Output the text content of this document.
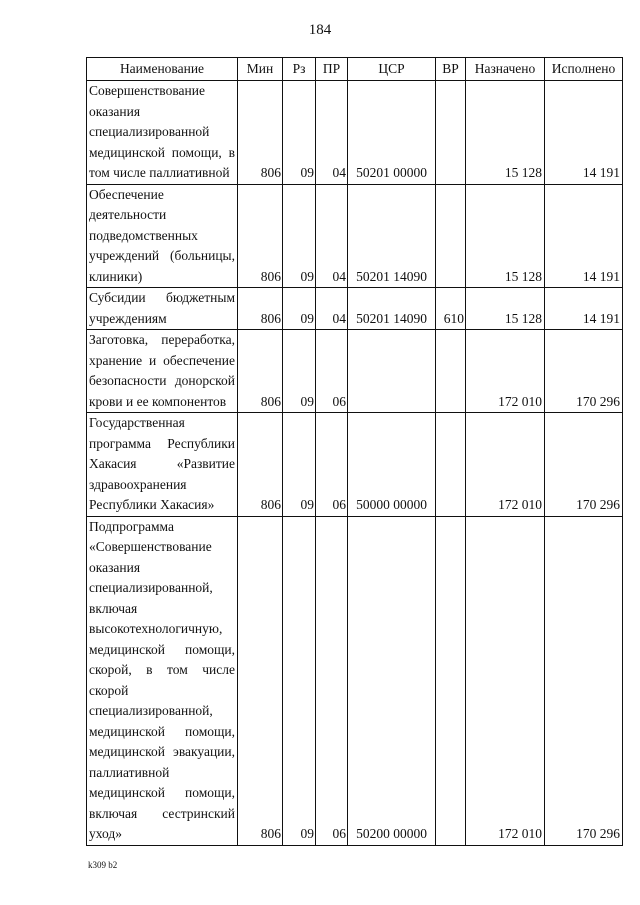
184
Наименование	Мин	Рз	ПР	ЦСР	ВР	Назначено	Исполнено
Совершенствование оказания специализированной медицинской помощи, в том числе паллиативной	806	09	04	50201 00000		15 128	14 191
Обеспечение деятельности подведомственных учреждений (больницы, клиники)	806	09	04	50201 14090		15 128	14 191
Субсидии бюджетным учреждениям	806	09	04	50201 14090	610	15 128	14 191
Заготовка, переработка, хранение и обеспечение безопасности донорской крови и ее компонентов	806	09	06			172 010	170 296
Государственная программа Республики Хакасия «Развитие здравоохранения Республики Хакасия»	806	09	06	50000 00000		172 010	170 296
Подпрограмма «Совершенствование оказания специализированной, включая высокотехнологичную, медицинской помощи, скорой, в том числе скорой специализированной, медицинской помощи, медицинской эвакуации, паллиативной медицинской помощи, включая сестринский уход»	806	09	06	50200 00000		172 010	170 296
k309 b2
